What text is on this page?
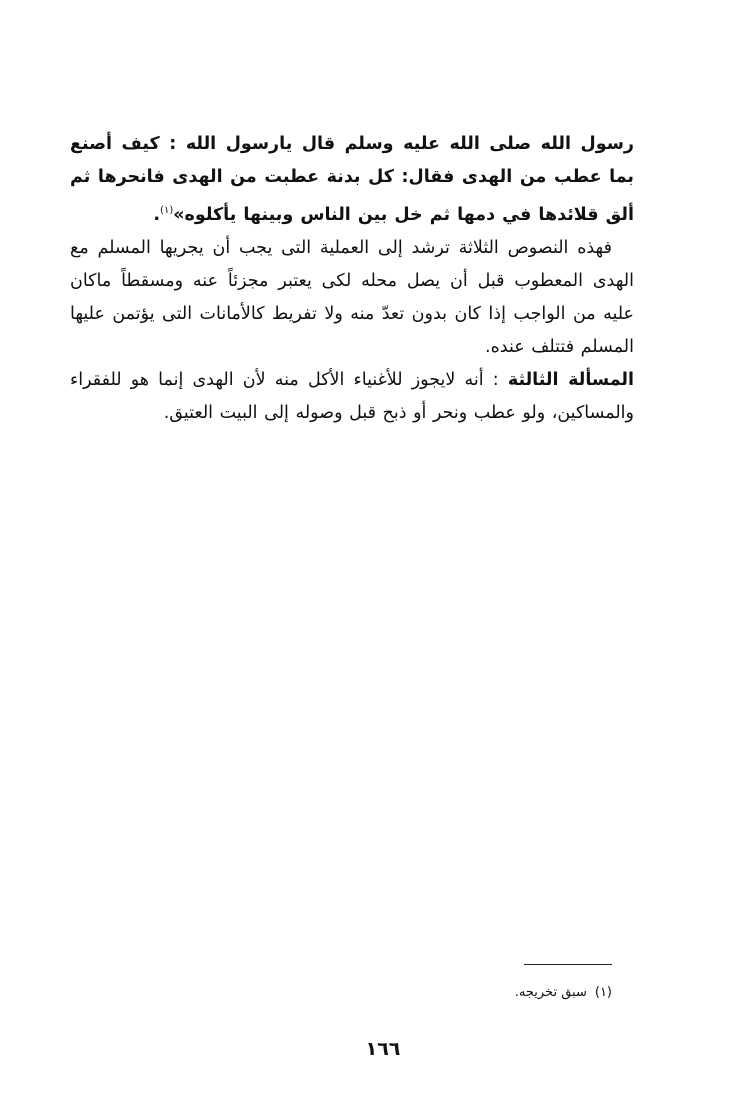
رسول الله صلى الله عليه وسلم قال يارسول الله : كيف أصنع بما عطب من الهدى فقال: كل بدنة عطبت من الهدى فانحرها ثم ألق قلائدها في دمها ثم خل بين الناس وبينها يأكلوه»$^{(١)}$.

فهذه النصوص الثلاثة ترشد إلى العملية التى يجب أن يجريها المسلم مع الهدى المعطوب قبل أن يصل محله لكى يعتبر مجزئاً عنه ومسقطاً ماكان عليه من الواجب إذا كان بدون تعدّ منه ولا تفريط كالأمانات التى يؤتمن عليها المسلم فتتلف عنده.

المسألة الثالثة : أنه لايجوز للأغنياء الأكل منه لأن الهدى إنما هو للفقراء والمساكين، ولو عطب ونحر أو ذبح قبل وصوله إلى البيت العتيق.

(١)سبق تخريجه.
١٦٦
